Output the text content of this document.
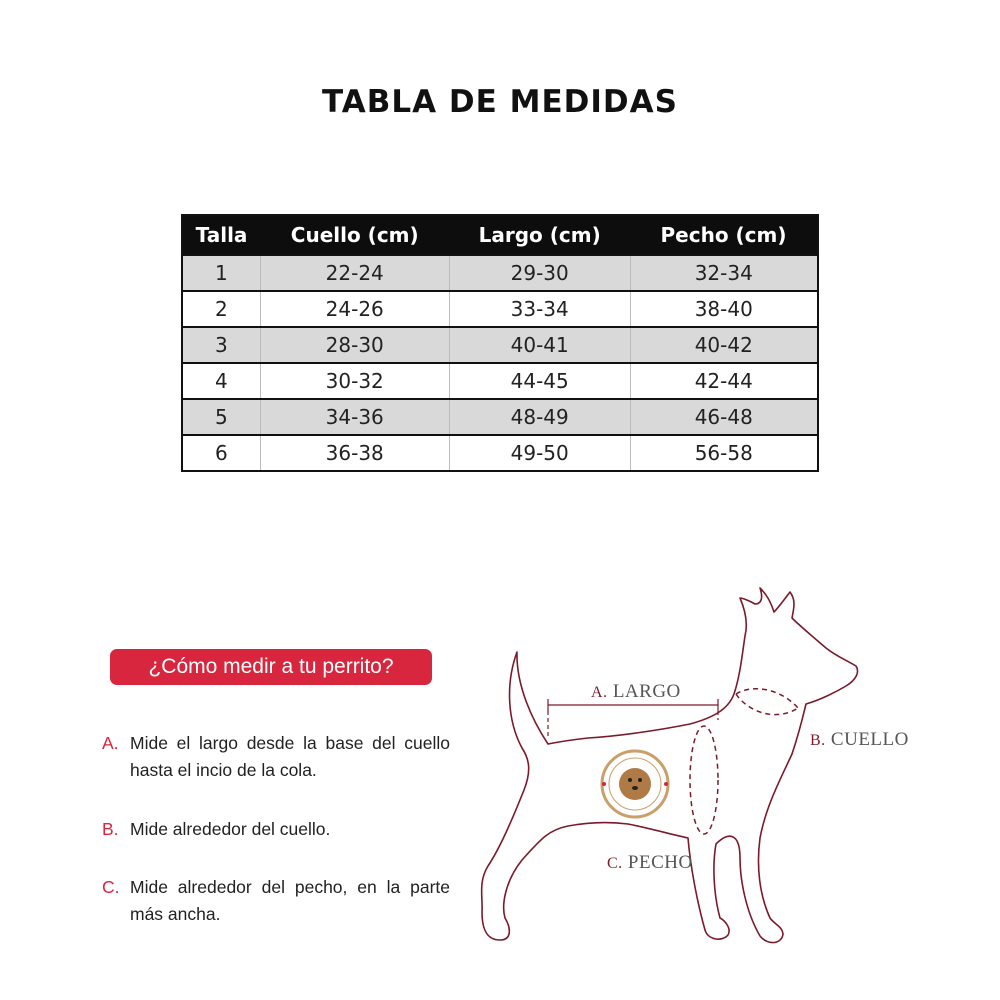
TABLA DE MEDIDAS
Talla	Cuello (cm)	Largo (cm)	Pecho (cm)
1	22-24	29-30	32-34
2	24-26	33-34	38-40
3	28-30	40-41	40-42
4	30-32	44-45	42-44
5	34-36	48-49	46-48
6	36-38	49-50	56-58
¿Cómo medir a tu perrito?
A. Mide el largo desde la base del cuello hasta el incio de la cola.
B. Mide alrededor del cuello.
C. Mide alrededor del pecho, en la parte más ancha.
A. LARGO
B. CUELLO
C. PECHO
